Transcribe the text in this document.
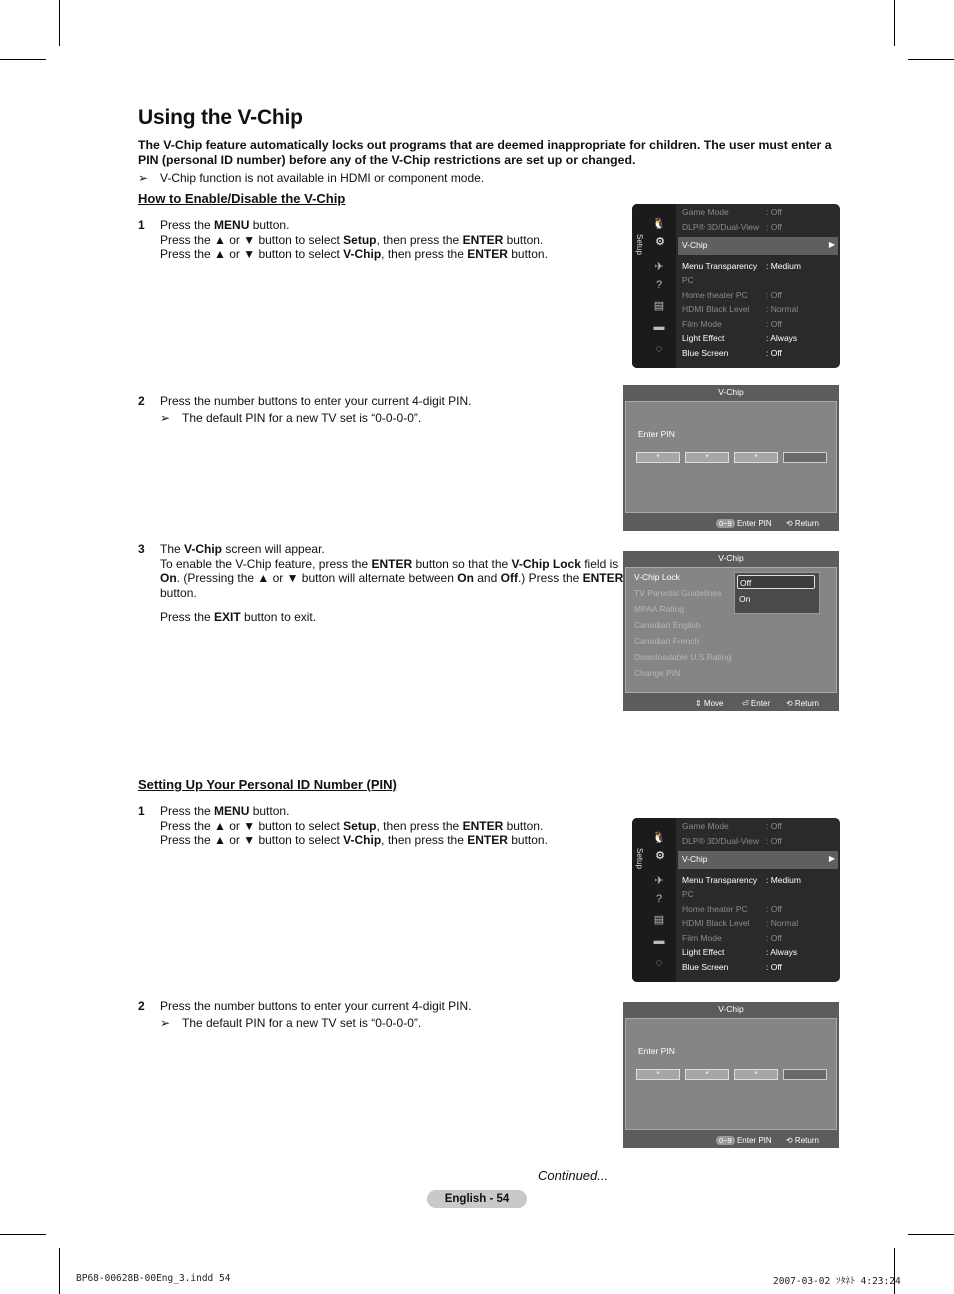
Using the V-Chip

The V-Chip feature automatically locks out programs that are deemed inappropriate for children. The user must enter a PIN (personal ID number) before any of the V-Chip restrictions are set up or changed.

➢ V-Chip function is not available in HDMI or component mode.
How to Enable/Disable the V-Chip
1 Press the MENU button.
Press the ▲ or ▼ button to select Setup, then press the ENTER button.
Press the ▲ or ▼ button to select V-Chip, then press the ENTER button.	Setup
🐧
⚙
✈
?
▤
▬
◌
Game Mode	: Off
DLP® 3D/Dual-View : Off
V-Chip	▶
Menu Transparency : Medium
PC
Home theater PC : Off
HDMI Black Level : Normal
Film Mode	: Off
Light Effect	: Always
Blue Screen	: Off
2 Press the number buttons to enter your current 4-digit PIN.
➢ The default PIN for a new TV set is “0-0-0-0”.
V-Chip
Enter PIN
*	*	*
0~9 Enter PIN ⟲ Return
3 The V-Chip screen will appear.
To enable the V-Chip feature, press the ENTER button so that the V-Chip Lock field is
On. (Pressing the ▲ or ▼ button will alternate between On and Off.) Press the ENTER
button.
Press the EXIT button to exit.
V-Chip
V-Chip Lock
TV Parental Guidelines
MPAA Rating
Canadian English
Canadian French
Downloadable U.S.Rating
Change PIN
Off
On
⇕ Move ⏎ Enter ⟲ Return
Setting Up Your Personal ID Number (PIN)
1 Press the MENU button.
Press the ▲ or ▼ button to select Setup, then press the ENTER button.
Press the ▲ or ▼ button to select V-Chip, then press the ENTER button.
Setup
🐧
⚙
✈
?
▤
▬
◌
Game Mode	: Off
DLP® 3D/Dual-View : Off
V-Chip	▶
Menu Transparency : Medium
PC
Home theater PC : Off
HDMI Black Level : Normal
Film Mode	: Off
Light Effect	: Always
Blue Screen	: Off
2 Press the number buttons to enter your current 4-digit PIN.
➢ The default PIN for a new TV set is “0-0-0-0”.
V-Chip
Enter PIN
*	*	*
0~9 Enter PIN ⟲ Return
Continued...
English - 54
BP68-00628B-00Eng_3.indd 54	2007-03-02 ｿﾀﾈﾄ 4:23:24
